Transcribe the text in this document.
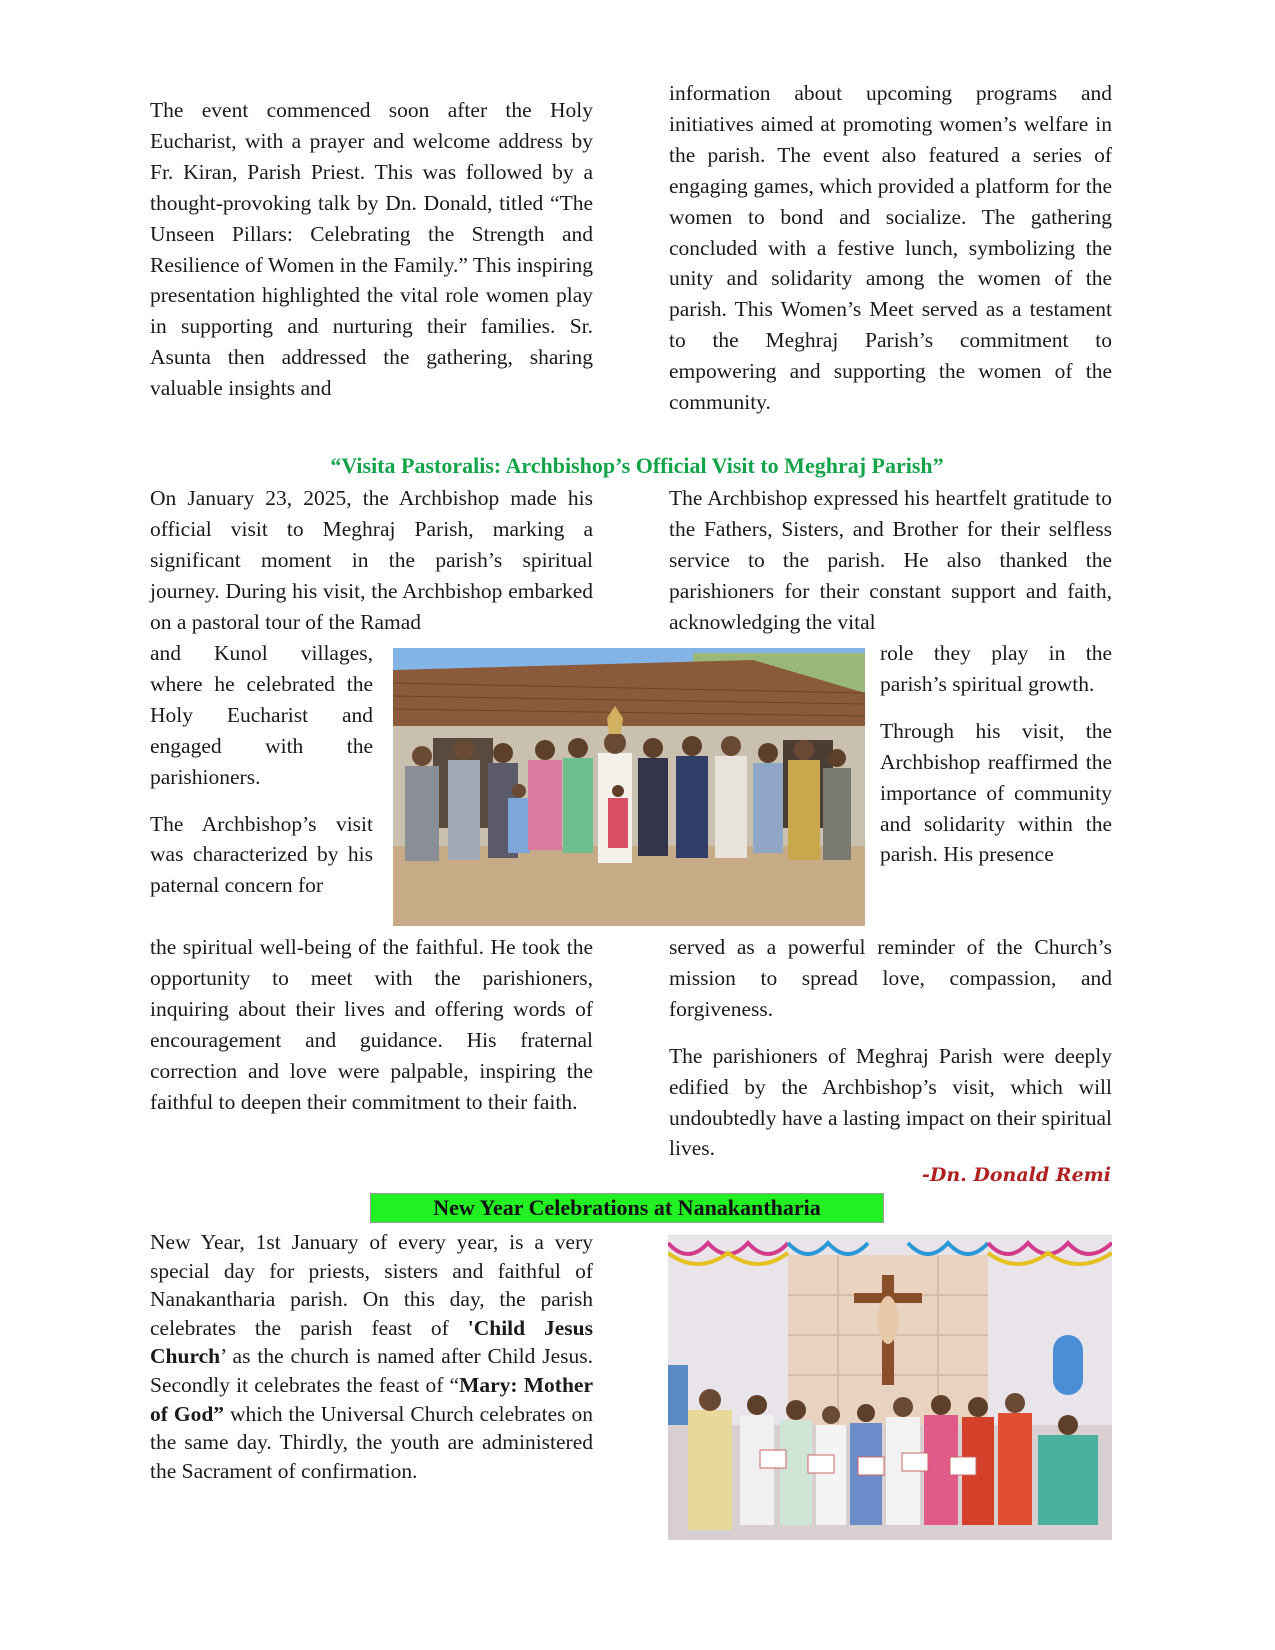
The event commenced soon after the Holy Eucharist, with a prayer and welcome address by Fr. Kiran, Parish Priest. This was followed by a thought-provoking talk by Dn. Donald, titled “The Unseen Pillars: Celebrating the Strength and Resilience of Women in the Family.” This inspiring presentation highlighted the vital role women play in supporting and nurturing their families. Sr. Asunta then addressed the gathering, sharing valuable insights and

information about upcoming programs and initiatives aimed at promoting women’s welfare in the parish. The event also featured a series of engaging games, which provided a platform for the women to bond and socialize. The gathering concluded with a festive lunch, symbolizing the unity and solidarity among the women of the parish. This Women’s Meet served as a testament to the Meghraj Parish’s commitment to empowering and supporting the women of the community.

“Visita Pastoralis: Archbishop’s Official Visit to Meghraj Parish”

On January 23, 2025, the Archbishop made his official visit to Meghraj Parish, marking a significant moment in the parish’s spiritual journey. During his visit, the Archbishop embarked on a pastoral tour of the Ramad

and Kunol villages, where he celebrated the Holy Eucharist and engaged with the parishioners.

The Archbishop’s visit was characterized by his paternal concern for

the spiritual well-being of the faithful. He took the opportunity to meet with the parishioners, inquiring about their lives and offering words of encouragement and guidance. His fraternal correction and love were palpable, inspiring the faithful to deepen their commitment to their faith.

The Archbishop expressed his heartfelt gratitude to the Fathers, Sisters, and Brother for their selfless service to the parish. He also thanked the parishioners for their constant support and faith, acknowledging the vital

role they play in the parish’s spiritual growth.

Through his visit, the Archbishop reaffirmed the importance of community and solidarity within the parish. His presence

served as a powerful reminder of the Church’s mission to spread love, compassion, and forgiveness.

The parishioners of Meghraj Parish were deeply edified by the Archbishop’s visit, which will undoubtedly have a lasting impact on their spiritual lives.

-Dn. Donald Remi
New Year Celebrations at Nanakantharia

New Year, 1st January of every year, is a very special day for priests, sisters and faithful of Nanakantharia parish. On this day, the parish celebrates the parish feast of 'Child Jesus Church’ as the church is named after Child Jesus. Secondly it celebrates the feast of “Mary: Mother of God” which the Universal Church celebrates on the same day. Thirdly, the youth are administered the Sacrament of confirmation.
